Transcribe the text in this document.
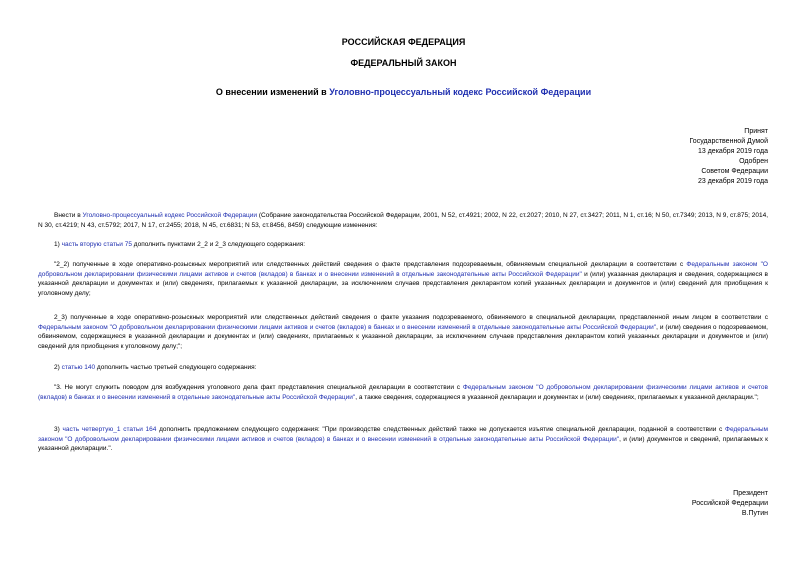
РОССИЙСКАЯ ФЕДЕРАЦИЯ
ФЕДЕРАЛЬНЫЙ ЗАКОН
О внесении изменений в Уголовно-процессуальный кодекс Российской Федерации
Принят
Государственной Думой
13 декабря 2019 года
Одобрен
Советом Федерации
23 декабря 2019 года

Внести в Уголовно-процессуальный кодекс Российской Федерации (Собрание законодательства Российской Федерации, 2001, N 52, ст.4921; 2002, N 22, ст.2027; 2010, N 27, ст.3427; 2011, N 1, ст.16; N 50, ст.7349; 2013, N 9, ст.875; 2014, N 30, ст.4219; N 43, ст.5792; 2017, N 17, ст.2455; 2018, N 45, ст.6831; N 53, ст.8456, 8459) следующие изменения:

1) часть вторую статьи 75 дополнить пунктами 2_2 и 2_3 следующего содержания:

"2_2) полученные в ходе оперативно-розыскных мероприятий или следственных действий сведения о факте представления подозреваемым, обвиняемым специальной декларации в соответствии с Федеральным законом "О добровольном декларировании физическими лицами активов и счетов (вкладов) в банках и о внесении изменений в отдельные законодательные акты Российской Федерации" и (или) указанная декларация и сведения, содержащиеся в указанной декларации и документах и (или) сведениях, прилагаемых к указанной декларации, за исключением случаев представления декларантом копий указанных декларации и документов и (или) сведений для приобщения к уголовному делу;

2_3) полученные в ходе оперативно-розыскных мероприятий или следственных действий сведения о факте указания подозреваемого, обвиняемого в специальной декларации, представленной иным лицом в соответствии с Федеральным законом "О добровольном декларировании физическими лицами активов и счетов (вкладов) в банках и о внесении изменений в отдельные законодательные акты Российской Федерации", и (или) сведения о подозреваемом, обвиняемом, содержащиеся в указанной декларации и документах и (или) сведениях, прилагаемых к указанной декларации, за исключением случаев представления декларантом копий указанных декларации и документов и (или) сведений для приобщения к уголовному делу;";

2) статью 140 дополнить частью третьей следующего содержания:

"3. Не могут служить поводом для возбуждения уголовного дела факт представления специальной декларации в соответствии с Федеральным законом "О добровольном декларировании физическими лицами активов и счетов (вкладов) в банках и о внесении изменений в отдельные законодательные акты Российской Федерации", а также сведения, содержащиеся в указанной декларации и документах и (или) сведениях, прилагаемых к указанной декларации.";

3) часть четвертую_1 статьи 164 дополнить предложением следующего содержания: "При производстве следственных действий также не допускается изъятие специальной декларации, поданной в соответствии с Федеральным законом "О добровольном декларировании физическими лицами активов и счетов (вкладов) в банках и о внесении изменений в отдельные законодательные акты Российской Федерации", и (или) документов и сведений, прилагаемых к указанной декларации.".

Президент
Российской Федерации
В.Путин
